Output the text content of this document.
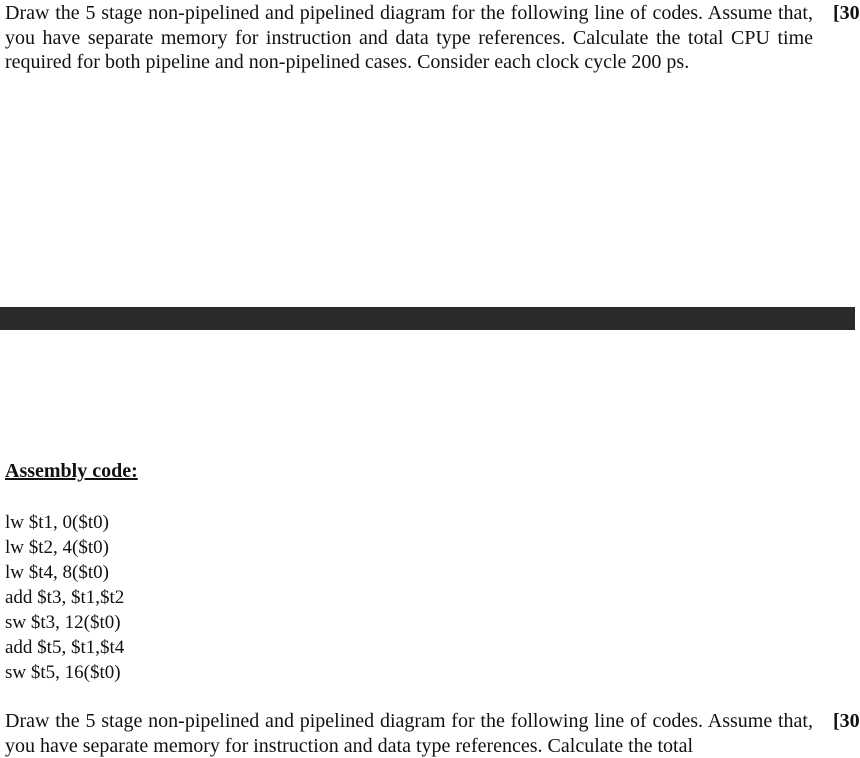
Draw the 5 stage non-pipelined and pipelined diagram for the following line of codes. Assume that, you have separate memory for instruction and data type references. Calculate the total CPU time required for both pipeline and non-pipelined cases. Consider each clock cycle 200 ps.

[30
Assembly code:
lw $t1, 0($t0)
lw $t2, 4($t0)
lw $t4, 8($t0)
add $t3, $t1,$t2
sw $t3, 12($t0)
add $t5, $t1,$t4
sw $t5, 16($t0)

Draw the 5 stage non-pipelined and pipelined diagram for the following line of codes. Assume that, you have separate memory for instruction and data type references. Calculate the total

[30
